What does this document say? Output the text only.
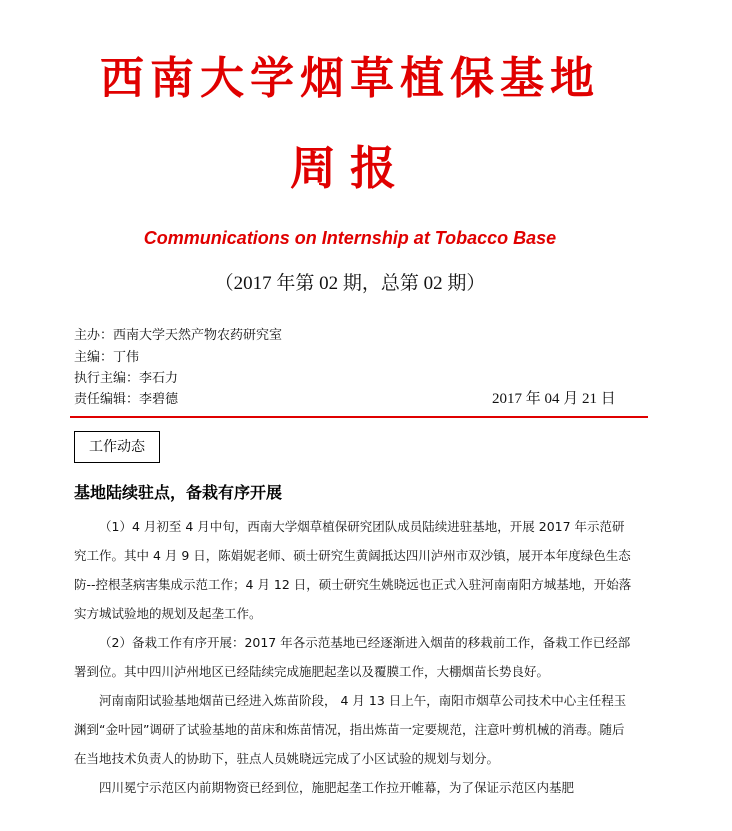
西南大学烟草植保基地
周报
Communications on Internship at Tobacco Base
（2017 年第 02 期，总第 02 期）
主办：西南大学天然产物农药研究室
主编：丁伟
执行主编：李石力
责任编辑：李碧德	2017 年 04 月 21 日
工作动态
基地陆续驻点，备栽有序开展

（1）4 月初至 4 月中旬，西南大学烟草植保研究团队成员陆续进驻基地，开展 2017 年示范研究工作。其中 4 月 9 日，陈娟妮老师、硕士研究生黄阔抵达四川泸州市双沙镇，展开本年度绿色生态防--控根茎病害集成示范工作；4 月 12 日，硕士研究生姚晓远也正式入驻河南南阳方城基地，开始落实方城试验地的规划及起垄工作。

（2）备栽工作有序开展：2017 年各示范基地已经逐渐进入烟苗的移栽前工作，备栽工作已经部署到位。其中四川泸州地区已经陆续完成施肥起垄以及覆膜工作，大棚烟苗长势良好。

河南南阳试验基地烟苗已经进入炼苗阶段， 4 月 13 日上午，南阳市烟草公司技术中心主任程玉渊到“金叶园”调研了试验基地的苗床和炼苗情况，指出炼苗一定要规范，注意叶剪机械的消毒。随后在当地技术负责人的协助下，驻点人员姚晓远完成了小区试验的规划与划分。

四川冕宁示范区内前期物资已经到位，施肥起垄工作拉开帷幕，为了保证示范区内基肥
